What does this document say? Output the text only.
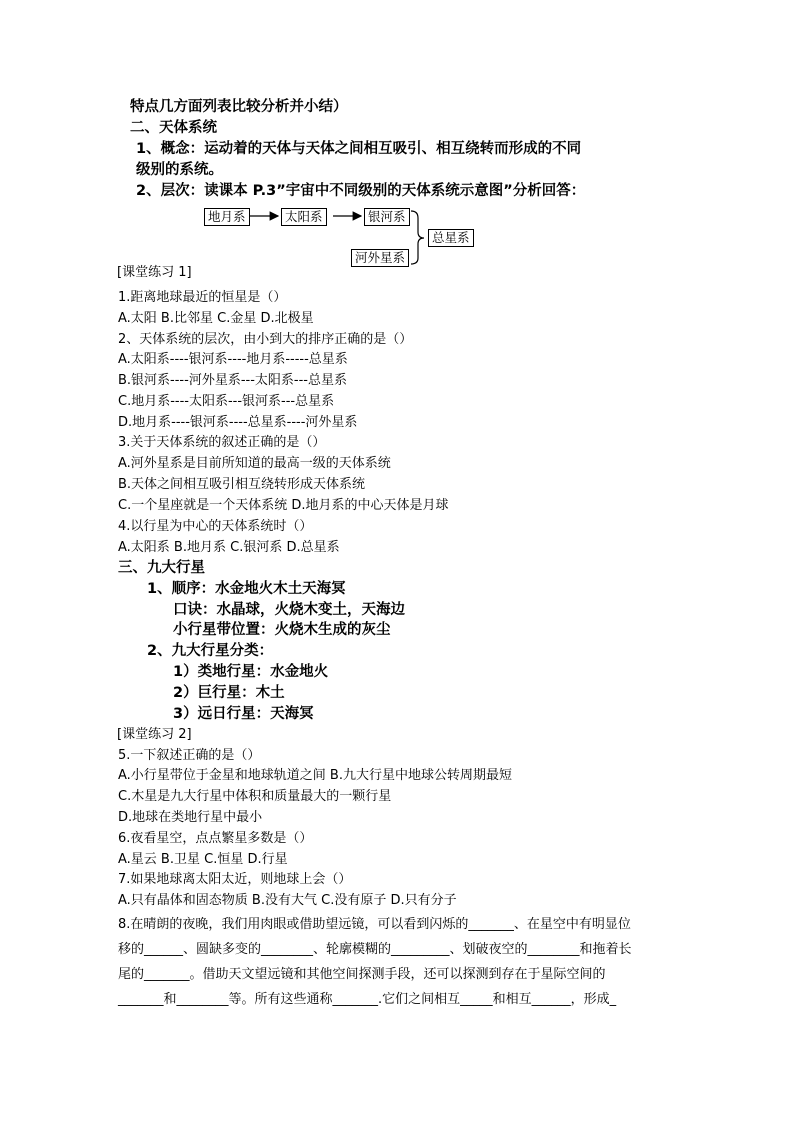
特点几方面列表比较分析并小结）
二、天体系统
1、概念：运动着的天体与天体之间相互吸引、相互绕转而形成的不同
级别的系统。
2、层次：读课本 P.3”宇宙中不同级别的天体系统示意图”分析回答：
地月系	太阳系	银河系
河外星系
总星系
[课堂练习 1]
1.距离地球最近的恒星是（）
A.太阳 B.比邻星 C.金星 D.北极星
2、天体系统的层次，由小到大的排序正确的是（）
A.太阳系----银河系----地月系-----总星系
B.银河系----河外星系---太阳系---总星系
C.地月系----太阳系---银河系---总星系
D.地月系----银河系----总星系----河外星系
3.关于天体系统的叙述正确的是（）
A.河外星系是目前所知道的最高一级的天体系统
B.天体之间相互吸引相互绕转形成天体系统
C.一个星座就是一个天体系统 D.地月系的中心天体是月球
4.以行星为中心的天体系统时（）
A.太阳系 B.地月系 C.银河系 D.总星系
三、九大行星
1、顺序：水金地火木土天海冥
口诀：水晶球，火烧木变土，天海边
小行星带位置：火烧木生成的灰尘
2、九大行星分类：
1）类地行星：水金地火
2）巨行星：木土
3）远日行星：天海冥
[课堂练习 2]
5.一下叙述正确的是（）
A.小行星带位于金星和地球轨道之间 B.九大行星中地球公转周期最短
C.木星是九大行星中体积和质量最大的一颗行星
D.地球在类地行星中最小
6.夜看星空，点点繁星多数是（）
A.星云 B.卫星 C.恒星 D.行星
7.如果地球离太阳太近，则地球上会（）
A.只有晶体和固态物质 B.没有大气 C.没有原子 D.只有分子
8.在晴朗的夜晚，我们用肉眼或借助望远镜，可以看到闪烁的_______、在星空中有明显位
移的______、圆缺多变的________、轮廓模糊的_________、划破夜空的________和拖着长
尾的_______。借助天文望远镜和其他空间探测手段，还可以探测到存在于星际空间的
_______和________等。所有这些通称_______.它们之间相互_____和相互______，形成_
